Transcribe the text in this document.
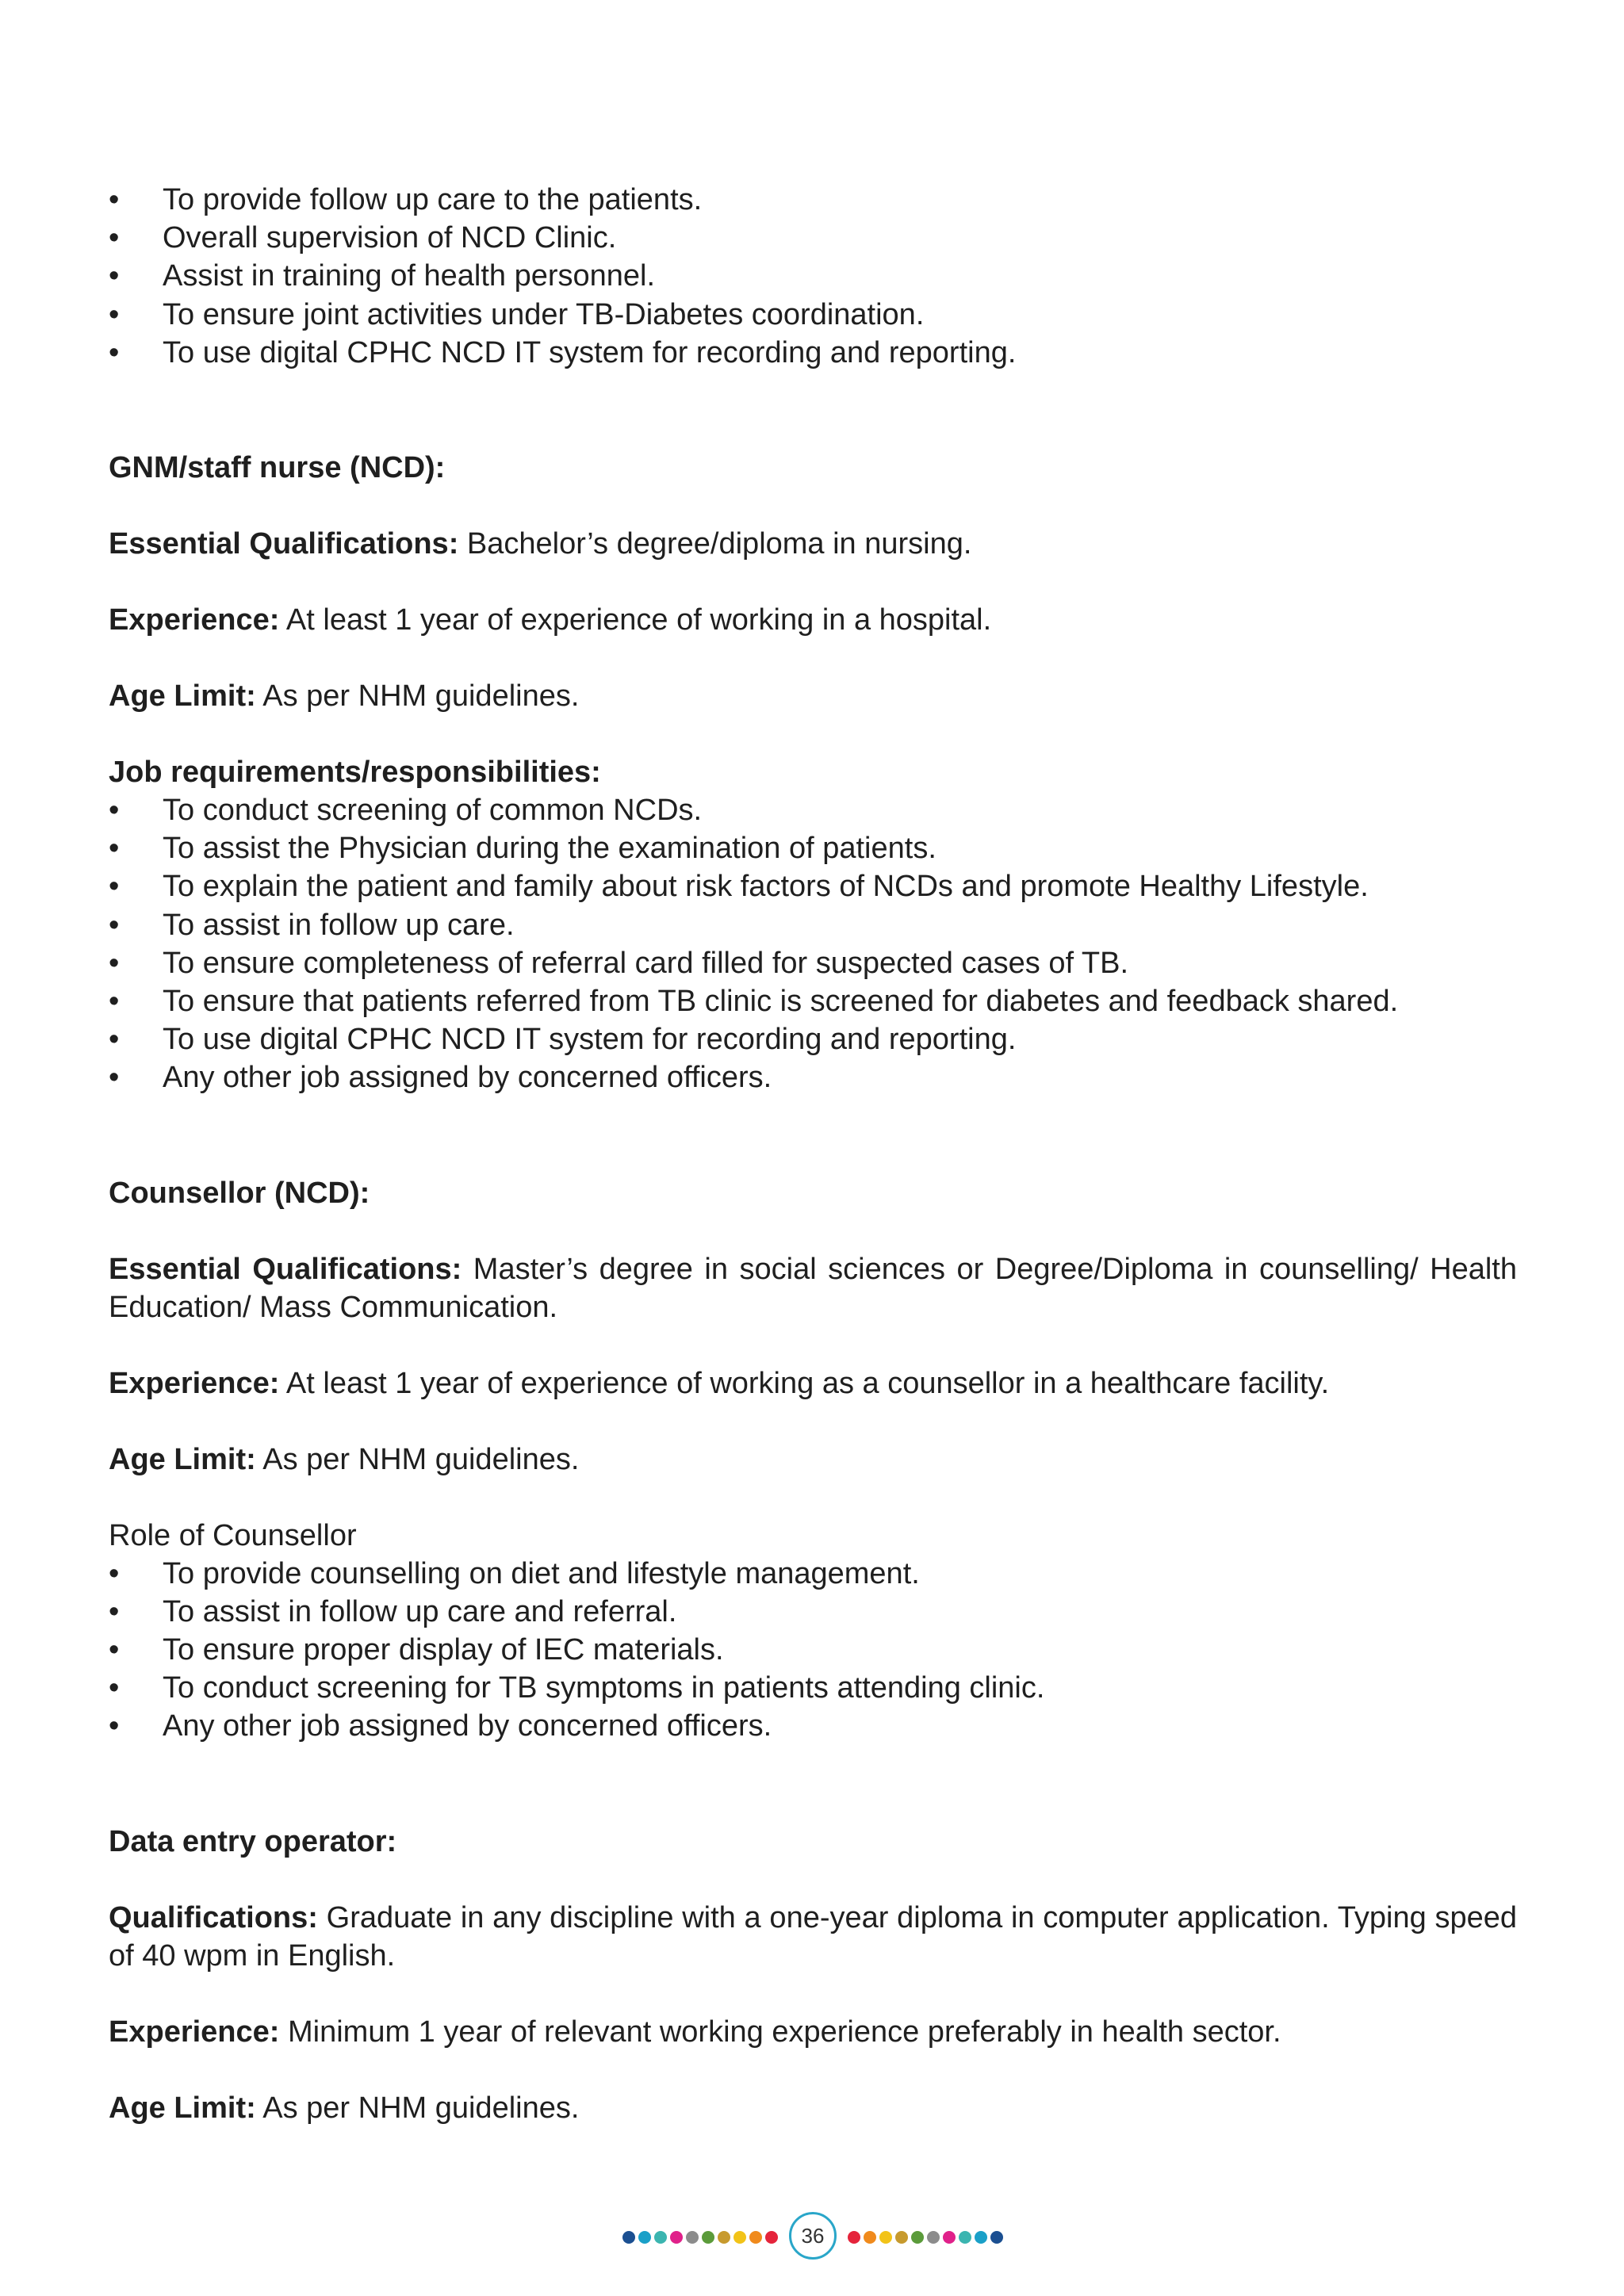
• To provide follow up care to the patients.
• Overall supervision of NCD Clinic.
• Assist in training of health personnel.
• To ensure joint activities under TB-Diabetes coordination.
• To use digital CPHC NCD IT system for recording and reporting.
GNM/staff nurse (NCD):
Essential Qualifications: Bachelor’s degree/diploma in nursing.
Experience: At least 1 year of experience of working in a hospital.
Age Limit: As per NHM guidelines.
Job requirements/responsibilities:
• To conduct screening of common NCDs.
• To assist the Physician during the examination of patients.
• To explain the patient and family about risk factors of NCDs and promote Healthy Lifestyle.
• To assist in follow up care.
• To ensure completeness of referral card filled for suspected cases of TB.
• To ensure that patients referred from TB clinic is screened for diabetes and feedback shared.
• To use digital CPHC NCD IT system for recording and reporting.
• Any other job assigned by concerned officers.
Counsellor (NCD):
Essential Qualifications: Master’s degree in social sciences or Degree/Diploma in counselling/ Health Education/ Mass Communication.
Experience: At least 1 year of experience of working as a counsellor in a healthcare facility.
Age Limit: As per NHM guidelines.
Role of Counsellor
• To provide counselling on diet and lifestyle management.
• To assist in follow up care and referral.
• To ensure proper display of IEC materials.
• To conduct screening for TB symptoms in patients attending clinic.
• Any other job assigned by concerned officers.
Data entry operator:
Qualifications: Graduate in any discipline with a one-year diploma in computer application. Typing speed of 40 wpm in English.
Experience: Minimum 1 year of relevant working experience preferably in health sector.
Age Limit: As per NHM guidelines.
36
